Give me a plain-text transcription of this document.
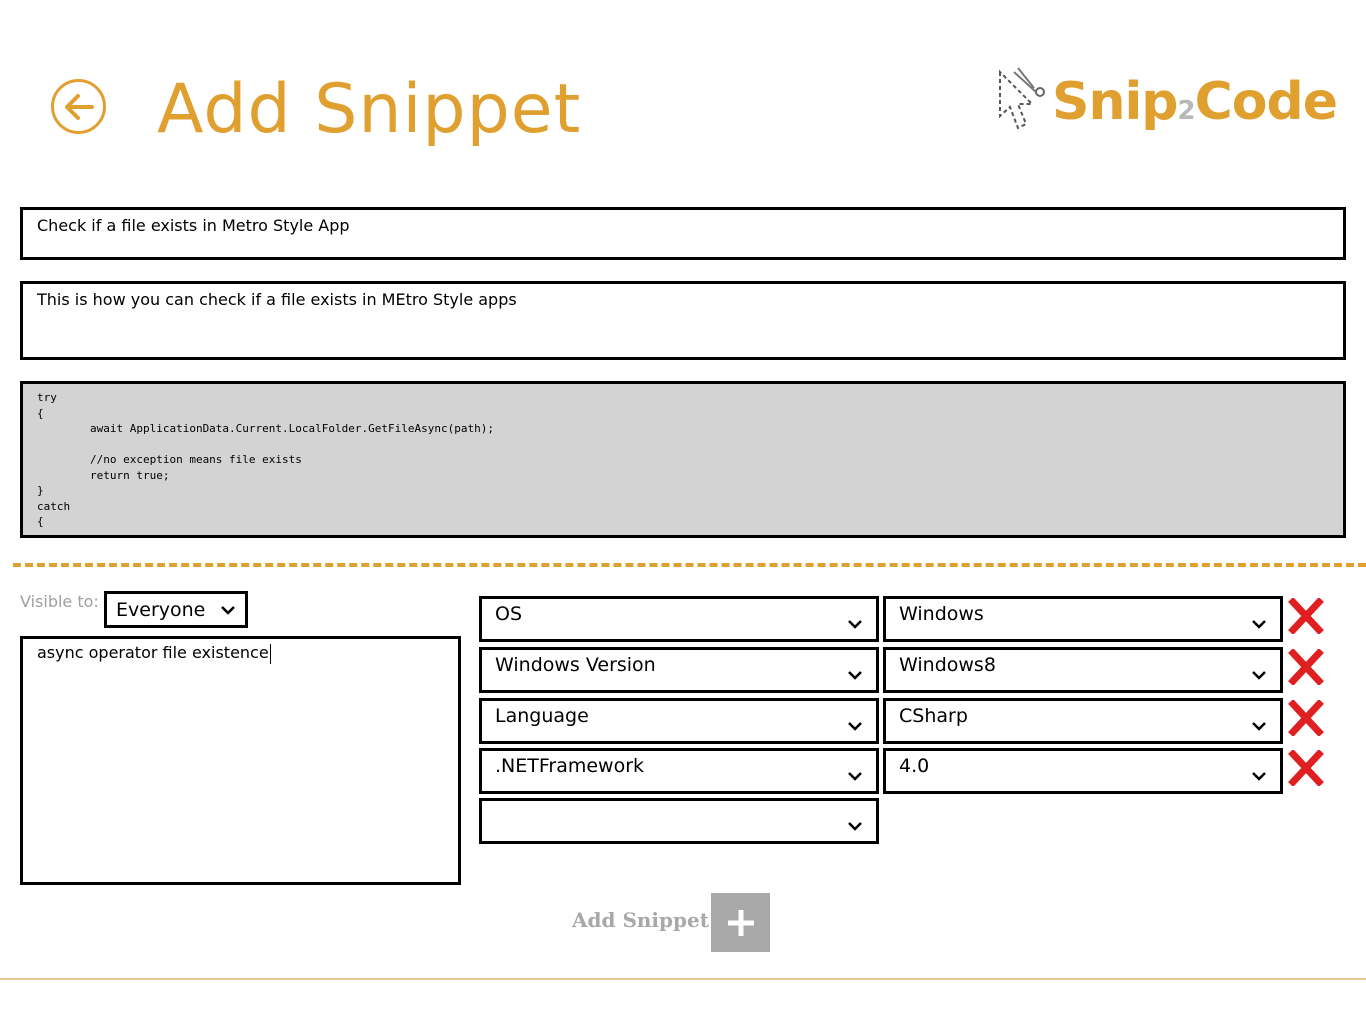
Add Snippet	Snip2Code
Check if a file exists in Metro Style App
This is how you can check if a file exists in MEtro Style apps
try
{
await ApplicationData.Current.LocalFolder.GetFileAsync(path);

//no exception means file exists
return true;
}
catch
{
Visible to: Everyone
async operator file existence
OS	Windows
Windows Version	Windows8
Language	CSharp
.NETFramework	4.0
Add Snippet
